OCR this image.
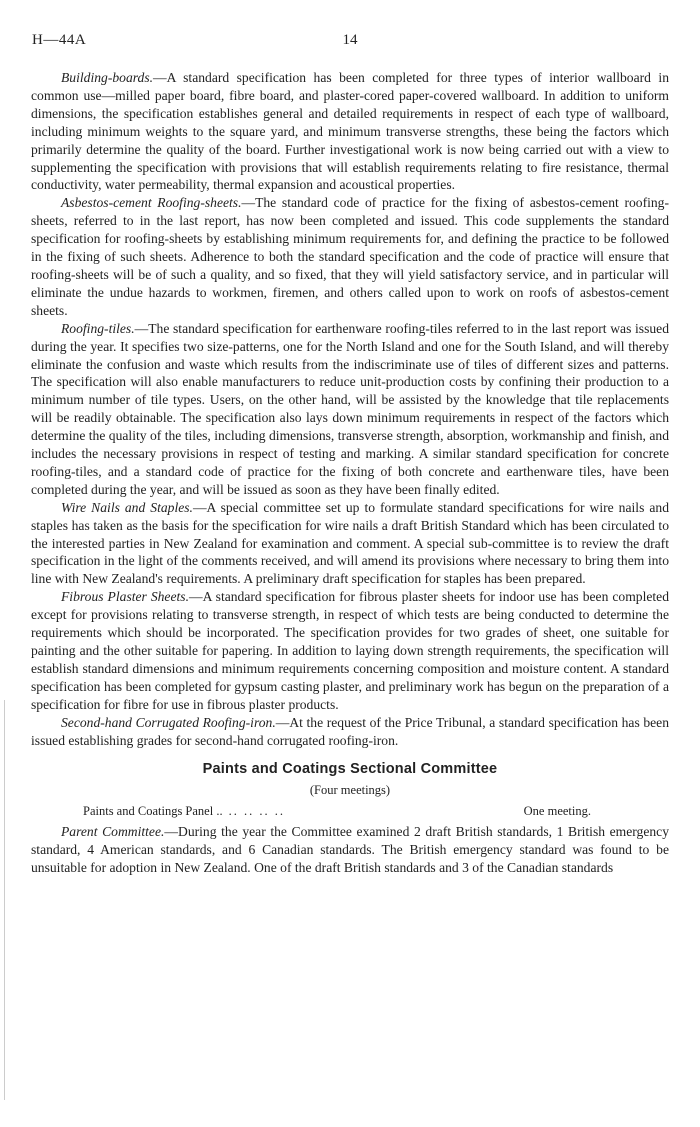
H—44A	14

Building-boards.—A standard specification has been completed for three types of interior wallboard in common use—milled paper board, fibre board, and plaster-cored paper-covered wallboard. In addition to uniform dimensions, the specification establishes general and detailed requirements in respect of each type of wallboard, including minimum weights to the square yard, and minimum transverse strengths, these being the factors which primarily determine the quality of the board. Further investigational work is now being carried out with a view to supplementing the specification with provisions that will establish requirements relating to fire resistance, thermal conductivity, water permeability, thermal expansion and acoustical properties.

Asbestos-cement Roofing-sheets.—The standard code of practice for the fixing of asbestos-cement roofing-sheets, referred to in the last report, has now been completed and issued. This code supplements the standard specification for roofing-sheets by establishing minimum requirements for, and defining the practice to be followed in the fixing of such sheets. Adherence to both the standard specification and the code of practice will ensure that roofing-sheets will be of such a quality, and so fixed, that they will yield satisfactory service, and in particular will eliminate the undue hazards to workmen, firemen, and others called upon to work on roofs of asbestos-cement sheets.

Roofing-tiles.—The standard specification for earthenware roofing-tiles referred to in the last report was issued during the year. It specifies two size-patterns, one for the North Island and one for the South Island, and will thereby eliminate the confusion and waste which results from the indiscriminate use of tiles of different sizes and patterns. The specification will also enable manufacturers to reduce unit-production costs by confining their production to a minimum number of tile types. Users, on the other hand, will be assisted by the knowledge that tile replacements will be readily obtainable. The specification also lays down minimum requirements in respect of the factors which determine the quality of the tiles, including dimensions, transverse strength, absorption, workmanship and finish, and includes the necessary provisions in respect of testing and marking. A similar standard specification for concrete roofing-tiles, and a standard code of practice for the fixing of both concrete and earthenware tiles, have been completed during the year, and will be issued as soon as they have been finally edited.

Wire Nails and Staples.—A special committee set up to formulate standard specifications for wire nails and staples has taken as the basis for the specification for wire nails a draft British Standard which has been circulated to the interested parties in New Zealand for examination and comment. A special sub-committee is to review the draft specification in the light of the comments received, and will amend its provisions where necessary to bring them into line with New Zealand's requirements. A preliminary draft specification for staples has been prepared.

Fibrous Plaster Sheets.—A standard specification for fibrous plaster sheets for indoor use has been completed except for provisions relating to transverse strength, in respect of which tests are being conducted to determine the requirements which should be incorporated. The specification provides for two grades of sheet, one suitable for painting and the other suitable for papering. In addition to laying down strength requirements, the specification will establish standard dimensions and minimum requirements concerning composition and moisture content. A standard specification has been completed for gypsum casting plaster, and preliminary work has begun on the preparation of a specification for fibre for use in fibrous plaster products.

Second-hand Corrugated Roofing-iron.—At the request of the Price Tribunal, a standard specification has been issued establishing grades for second-hand corrugated roofing-iron.

Paints and Coatings Sectional Committee
(Four meetings)
Paints and Coatings Panel .. .. .. .. ..	One meeting.

Parent Committee.—During the year the Committee examined 2 draft British standards, 1 British emergency standard, 4 American standards, and 6 Canadian standards. The British emergency standard was found to be unsuitable for adoption in New Zealand. One of the draft British standards and 3 of the Canadian standards
